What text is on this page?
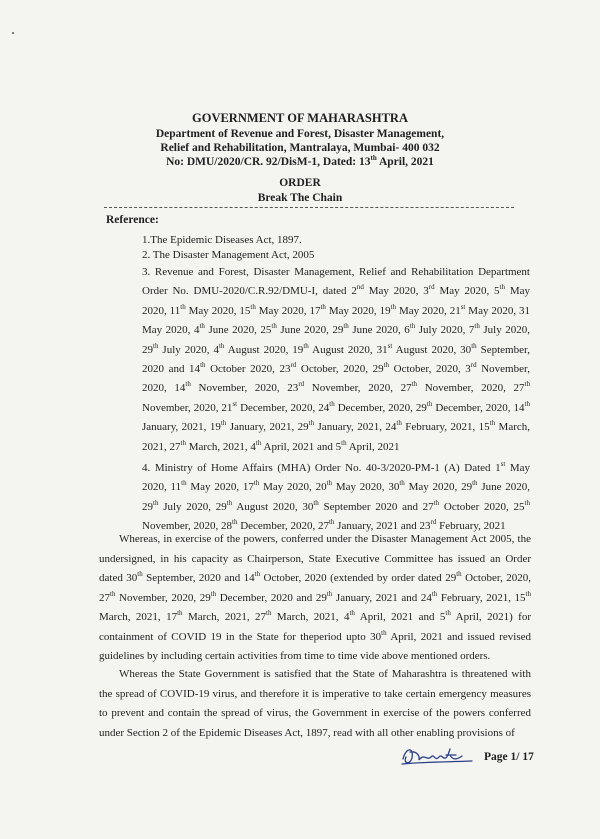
GOVERNMENT OF MAHARASHTRA
Department of Revenue and Forest, Disaster Management,
Relief and Rehabilitation, Mantralaya, Mumbai- 400 032
No: DMU/2020/CR. 92/DisM-1, Dated: 13th April, 2021
ORDER
Break The Chain
Reference:
1.The Epidemic Diseases Act, 1897.
2. The Disaster Management Act, 2005
3. Revenue and Forest, Disaster Management, Relief and Rehabilitation Department Order No. DMU-2020/C.R.92/DMU-I, dated 2nd May 2020, 3rd May 2020, 5th May 2020, 11th May 2020, 15th May 2020, 17th May 2020, 19th May 2020, 21st May 2020, 31 May 2020, 4th June 2020, 25th June 2020, 29th June 2020, 6th July 2020, 7th July 2020, 29th July 2020, 4th August 2020, 19th August 2020, 31st August 2020, 30th September, 2020 and 14th October 2020, 23rd October, 2020, 29th October, 2020, 3rd November, 2020, 14th November, 2020, 23rd November, 2020, 27th November, 2020, 27th November, 2020, 21st December, 2020, 24th December, 2020, 29th December, 2020, 14th January, 2021, 19th January, 2021, 29th January, 2021, 24th February, 2021, 15th March, 2021, 27th March, 2021, 4th April, 2021 and 5th April, 2021
4. Ministry of Home Affairs (MHA) Order No. 40-3/2020-PM-1 (A) Dated 1st May 2020, 11th May 2020, 17th May 2020, 20th May 2020, 30th May 2020, 29th June 2020, 29th July 2020, 29th August 2020, 30th September 2020 and 27th October 2020, 25th November, 2020, 28th December, 2020, 27th January, 2021 and 23rd February, 2021
Whereas, in exercise of the powers, conferred under the Disaster Management Act 2005, the undersigned, in his capacity as Chairperson, State Executive Committee has issued an Order dated 30th September, 2020 and 14th October, 2020 (extended by order dated 29th October, 2020, 27th November, 2020, 29th December, 2020 and 29th January, 2021 and 24th February, 2021, 15th March, 2021, 17th March, 2021, 27th March, 2021, 4th April, 2021 and 5th April, 2021) for containment of COVID 19 in the State for theperiod upto 30th April, 2021 and issued revised guidelines by including certain activities from time to time vide above mentioned orders.
Whereas the State Government is satisfied that the State of Maharashtra is threatened with the spread of COVID-19 virus, and therefore it is imperative to take certain emergency measures to prevent and contain the spread of virus, the Government in exercise of the powers conferred under Section 2 of the Epidemic Diseases Act, 1897, read with all other enabling provisions of
Page 1/ 17
